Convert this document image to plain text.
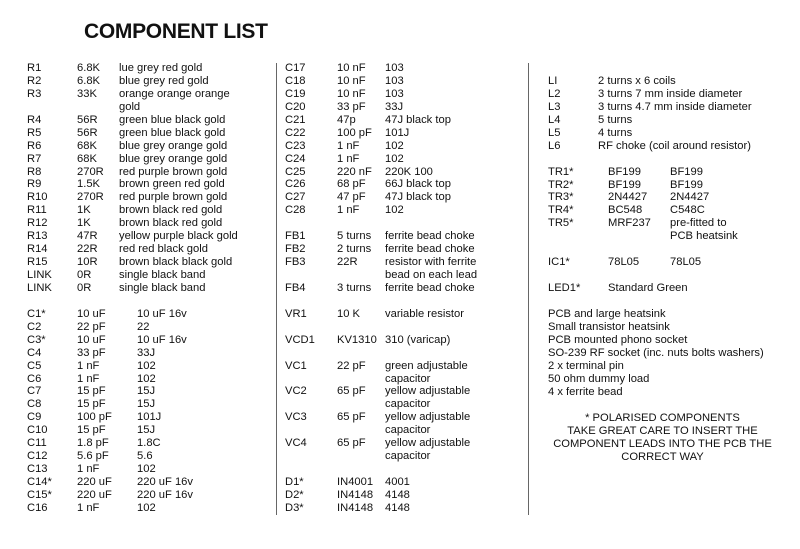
COMPONENT LIST
R1	6.8K	lue grey red gold
R2	6.8K	blue grey red gold
R3	33K	orange orange orange
gold
R4	56R	green blue black gold
R5	56R	green blue black gold
R6	68K	blue grey orange gold
R7	68K	blue grey orange gold
R8	270R	red purple brown gold
R9	1.5K	brown green red gold
R10	270R	red purple brown gold
R11	1K	brown black red gold
R12	1K	brown black red gold
R13	47R	yellow purple black gold
R14	22R	red red black gold
R15	10R	brown black black gold
LINK	0R	single black band
LINK	0R	single black band
C1*	10 uF	10 uF 16v
C2	22 pF	22
C3*	10 uF	10 uF 16v
C4	33 pF	33J
C5	1 nF	102
C6	1 nF	102
C7	15 pF	15J
C8	15 pF	15J
C9	100 pF	101J
C10	15 pF	15J
C11	1.8 pF	1.8C
C12	5.6 pF	5.6
C13	1 nF	102
C14*	220 uF	220 uF 16v
C15*	220 uF	220 uF 16v
C16	1 nF	102
C17	10 nF	103
C18	10 nF	103
C19	10 nF	103
C20	33 pF	33J
C21	47p	47J black top
C22	100 pF	101J
C23	1 nF	102
C24	1 nF	102
C25	220 nF	220K 100
C26	68 pF	66J black top
C27	47 pF	47J black top
C28	1 nF	102
FB1	5 turns	ferrite bead choke
FB2	2 turns	ferrite bead choke
FB3	22R	resistor with ferrite
bead on each lead
FB4	3 turns	ferrite bead choke
VR1	10 K	variable resistor
VCD1	KV1310 310 (varicap)
VC1	22 pF	green adjustable
capacitor
VC2	65 pF	yellow adjustable
capacitor
VC3	65 pF	yellow adjustable
capacitor
VC4	65 pF	yellow adjustable
capacitor
D1*	IN4001	4001
D2*	IN4148	4148
D3*	IN4148	4148
LI	2 turns x 6 coils
L2	3 turns 7 mm inside diameter
L3	3 turns 4.7 mm inside diameter
L4	5 turns
L5	4 turns
L6	RF choke (coil around resistor)
TR1*	BF199	BF199
TR2*	BF199	BF199
TR3*	2N4427	2N4427
TR4*	BC548	C548C
TR5*	MRF237	pre-fitted to
PCB heatsink
IC1*	78L05	78L05
LED1*	Standard Green
PCB and large heatsink
Small transistor heatsink
PCB mounted phono socket
SO-239 RF socket (inc. nuts bolts washers)
2 x terminal pin
50 ohm dummy load
4 x ferrite bead
* POLARISED COMPONENTS
TAKE GREAT CARE TO INSERT THE
COMPONENT LEADS INTO THE PCB THE
CORRECT WAY
